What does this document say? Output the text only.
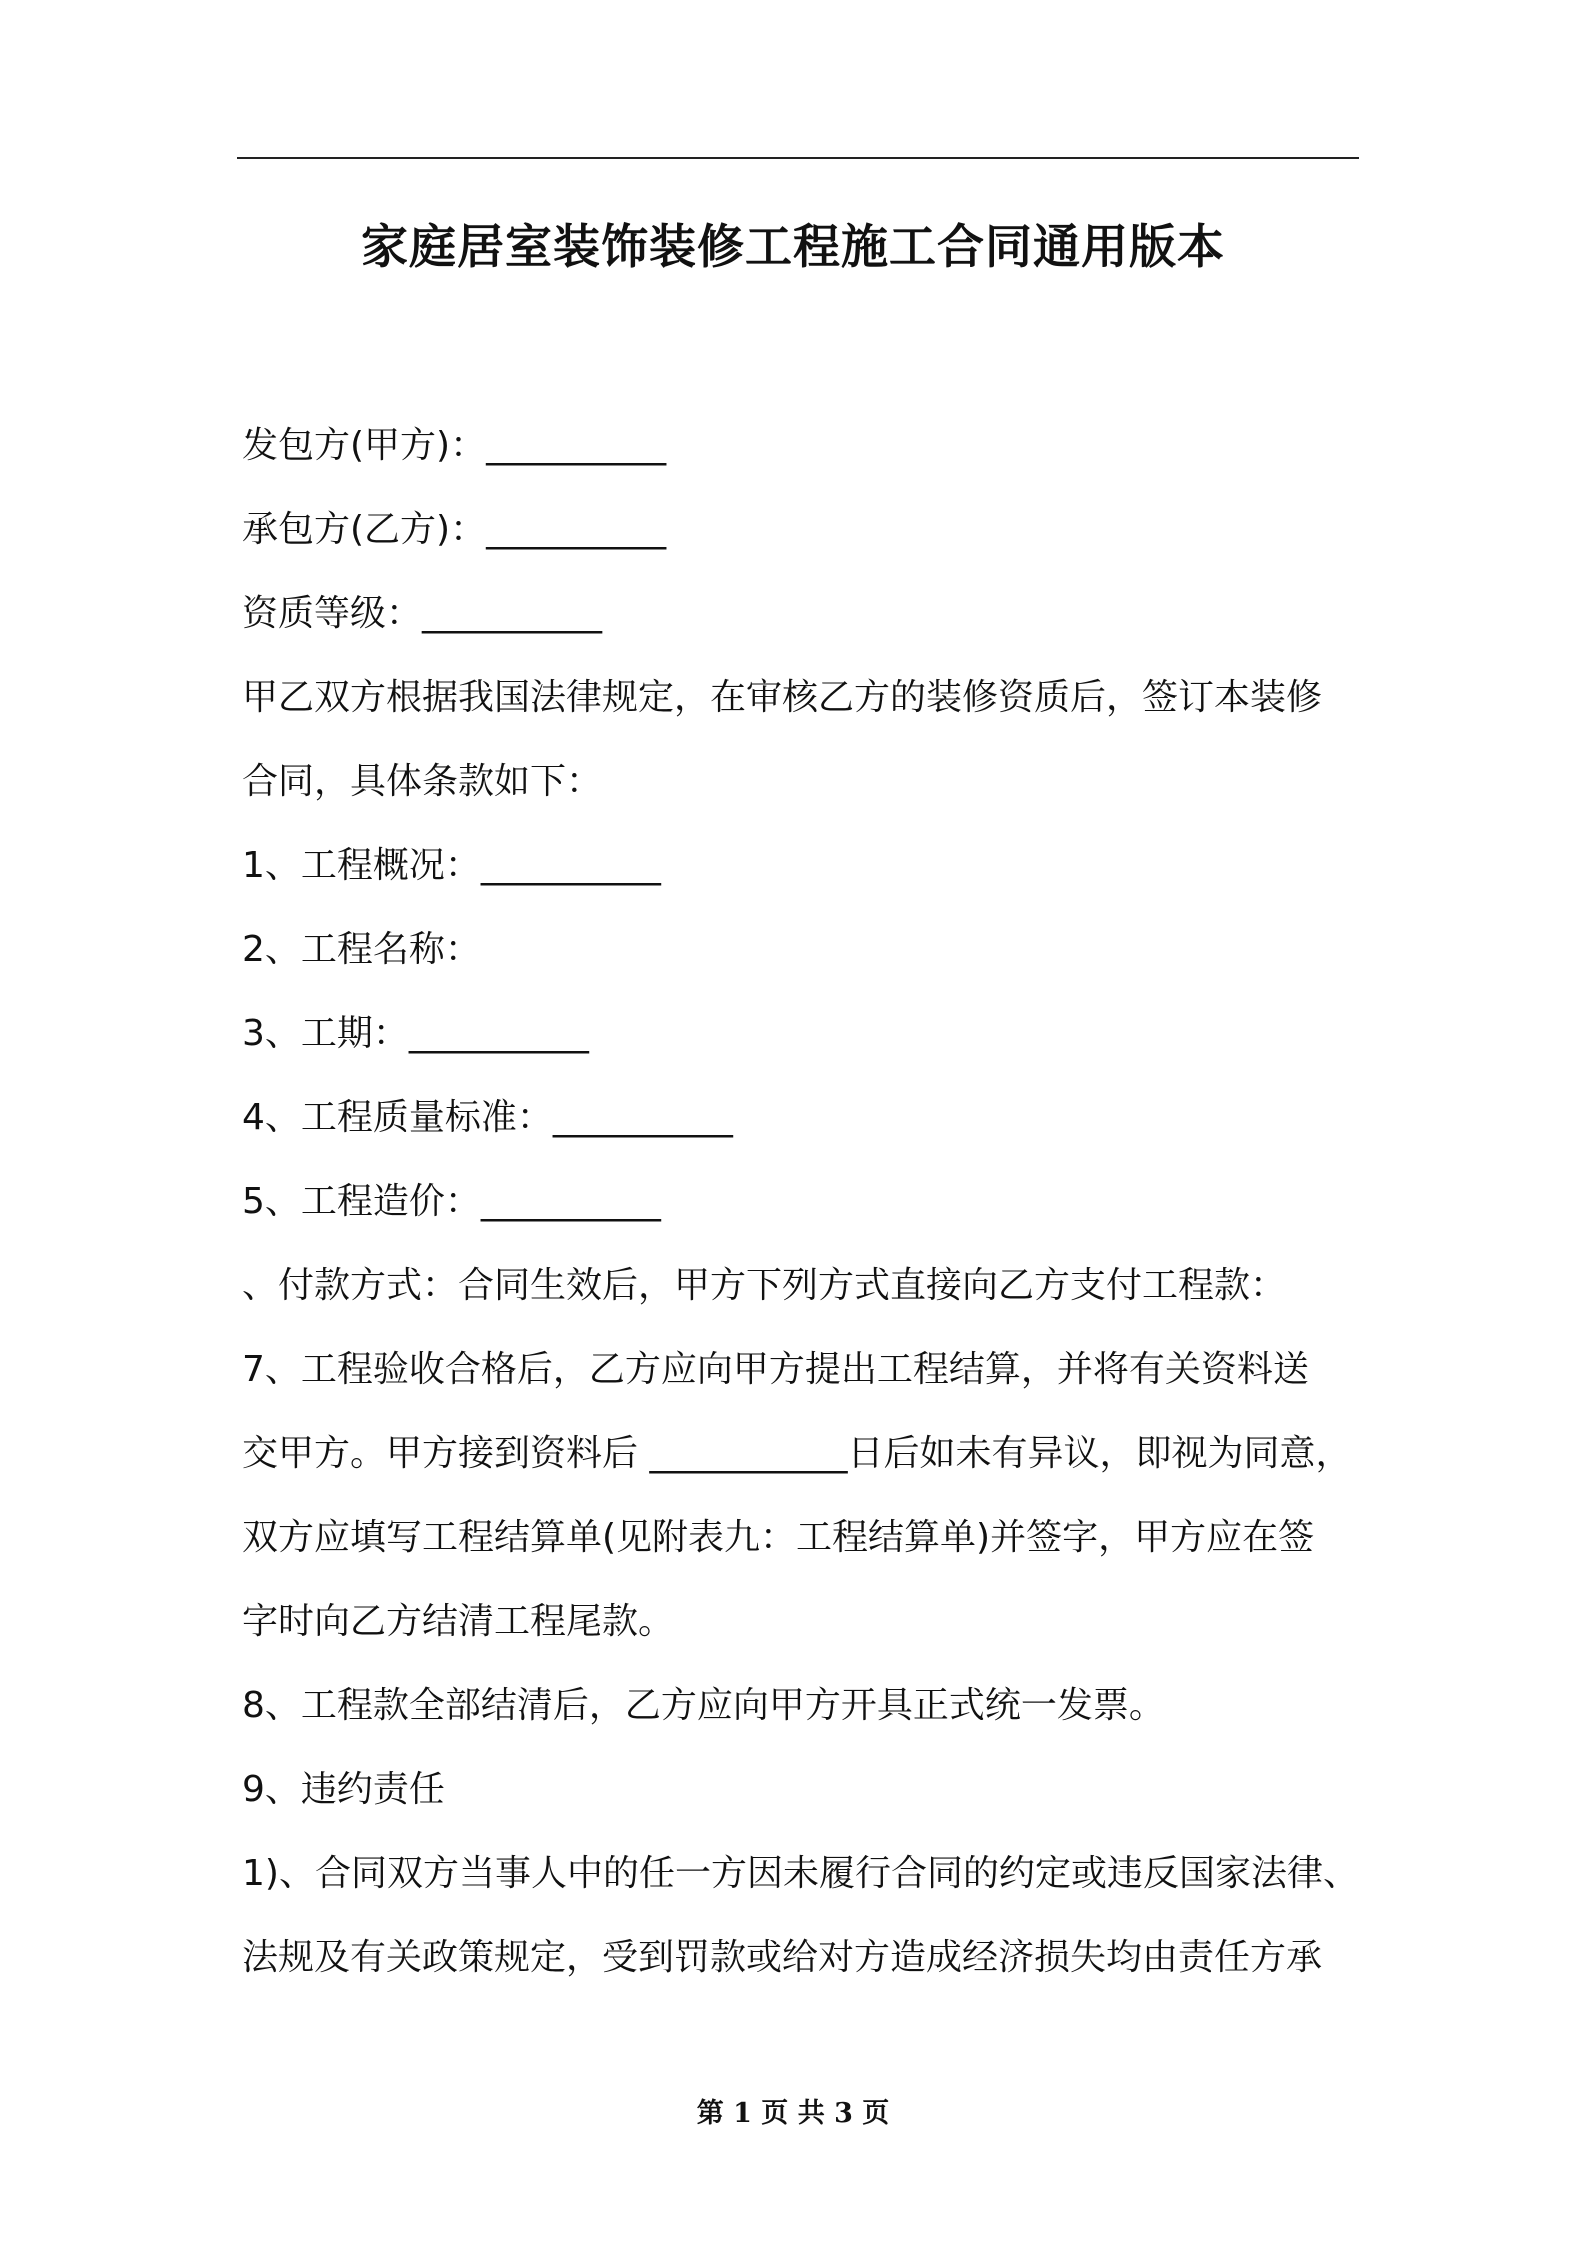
家庭居室装饰装修工程施工合同通用版本

发包方(甲方)：__________

承包方(乙方)：__________

资质等级：__________

甲乙双方根据我国法律规定，在审核乙方的装修资质后，签订本装修

合同，具体条款如下：

1、工程概况：__________

2、工程名称：

3、工期：__________

4、工程质量标准：__________

5、工程造价：__________

、付款方式：合同生效后，甲方下列方式直接向乙方支付工程款：

7、工程验收合格后，乙方应向甲方提出工程结算，并将有关资料送

交甲方。甲方接到资料后 ___________日后如未有异议，即视为同意，

双方应填写工程结算单(见附表九：工程结算单)并签字，甲方应在签

字时向乙方结清工程尾款。

8、工程款全部结清后，乙方应向甲方开具正式统一发票。

9、违约责任

1)、合同双方当事人中的任一方因未履行合同的约定或违反国家法律、

法规及有关政策规定，受到罚款或给对方造成经济损失均由责任方承

第 1 页 共 3 页
